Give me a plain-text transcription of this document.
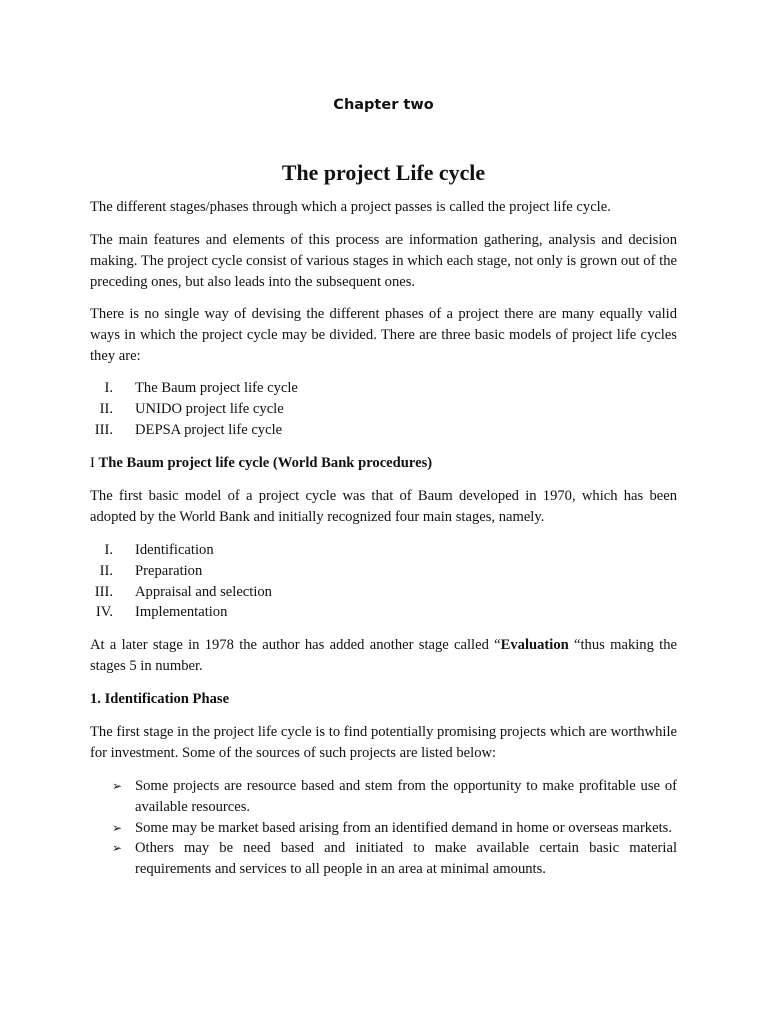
Chapter two
The project Life cycle

The different stages/phases through which a project passes is called the project life cycle.

The main features and elements of this process are information gathering, analysis and decision making. The project cycle consist of various stages in which each stage, not only is grown out of the preceding ones, but also leads into the subsequent ones.

There is no single way of devising the different phases of a project there are many equally valid ways in which the project cycle may be divided. There are three basic models of project life cycles they are:

I. The Baum project life cycle
II. UNIDO project life cycle
III. DEPSA project life cycle

I The Baum project life cycle (World Bank procedures)

The first basic model of a project cycle was that of Baum developed in 1970, which has been adopted by the World Bank and initially recognized four main stages, namely.

I. Identification
II. Preparation
III. Appraisal and selection
IV. Implementation

At a later stage in 1978 the author has added another stage called “Evaluation “thus making the stages 5 in number.

1. Identification Phase

The first stage in the project life cycle is to find potentially promising projects which are worthwhile for investment. Some of the sources of such projects are listed below:

➢ Some projects are resource based and stem from the opportunity to make profitable use of available resources.
➢ Some may be market based arising from an identified demand in home or overseas markets.
➢ Others may be need based and initiated to make available certain basic material requirements and services to all people in an area at minimal amounts.
